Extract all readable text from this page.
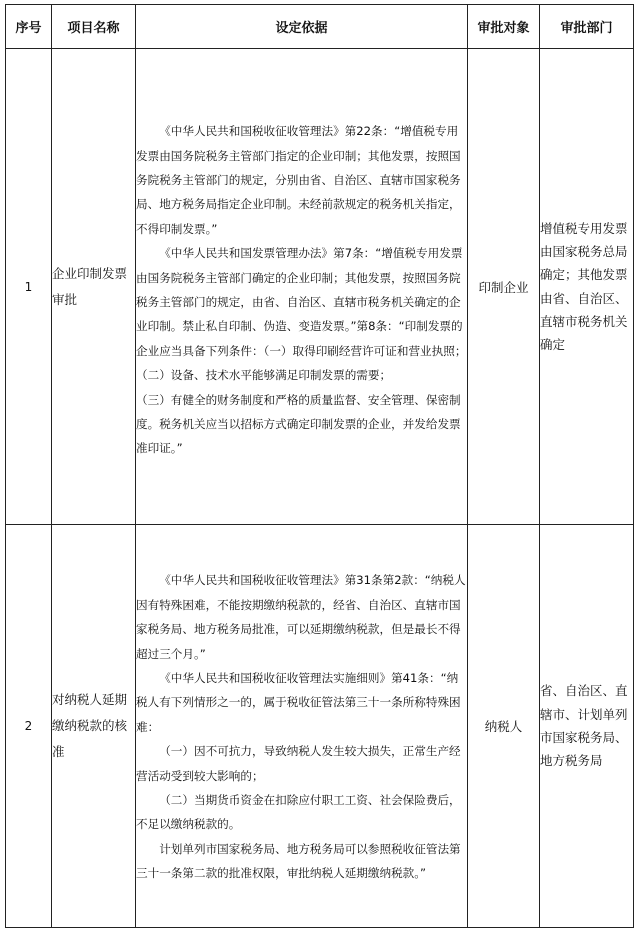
序号	项目名称	设定依据	审批对象	审批部门
1	企业印制发票审批	《中华人民共和国税收征收管理法》第22条：“增值税专用发票由国务院税务主管部门指定的企业印制；其他发票，按照国务院税务主管部门的规定，分别由省、自治区、直辖市国家税务局、地方税务局指定企业印制。未经前款规定的税务机关指定，不得印制发票。”

《中华人民共和国发票管理办法》第7条：“增值税专用发票由国务院税务主管部门确定的企业印制；其他发票，按照国务院税务主管部门的规定，由省、自治区、直辖市税务机关确定的企业印制。禁止私自印制、伪造、变造发票。”第8条：“印制发票的企业应当具备下列条件：（一）取得印刷经营许可证和营业执照；

（二）设备、技术水平能够满足印制发票的需要；

（三）有健全的财务制度和严格的质量监督、安全管理、保密制度。税务机关应当以招标方式确定印制发票的企业，并发给发票准印证。”	印制企业	增值税专用发票由国家税务总局确定；其他发票由省、自治区、直辖市税务机关确定
2	对纳税人延期缴纳税款的核准	《中华人民共和国税收征收管理法》第31条第2款：“纳税人因有特殊困难，不能按期缴纳税款的，经省、自治区、直辖市国家税务局、地方税务局批准，可以延期缴纳税款，但是最长不得超过三个月。”

《中华人民共和国税收征收管理法实施细则》第41条：“纳税人有下列情形之一的，属于税收征管法第三十一条所称特殊困难：

（一）因不可抗力，导致纳税人发生较大损失，正常生产经营活动受到较大影响的；

（二）当期货币资金在扣除应付职工工资、社会保险费后，不足以缴纳税款的。

计划单列市国家税务局、地方税务局可以参照税收征管法第三十一条第二款的批准权限，审批纳税人延期缴纳税款。”	纳税人	省、自治区、直辖市、计划单列市国家税务局、地方税务局
